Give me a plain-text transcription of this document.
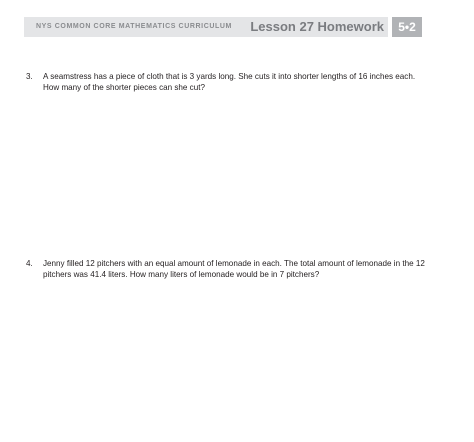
NYS COMMON CORE MATHEMATICS CURRICULUM Lesson 27 Homework	5•2
3. A seamstress has a piece of cloth that is 3 yards long. She cuts it into shorter lengths of 16 inches each. How many of the shorter pieces can she cut?
4. Jenny filled 12 pitchers with an equal amount of lemonade in each. The total amount of lemonade in the 12 pitchers was 41.4 liters. How many liters of lemonade would be in 7 pitchers?
